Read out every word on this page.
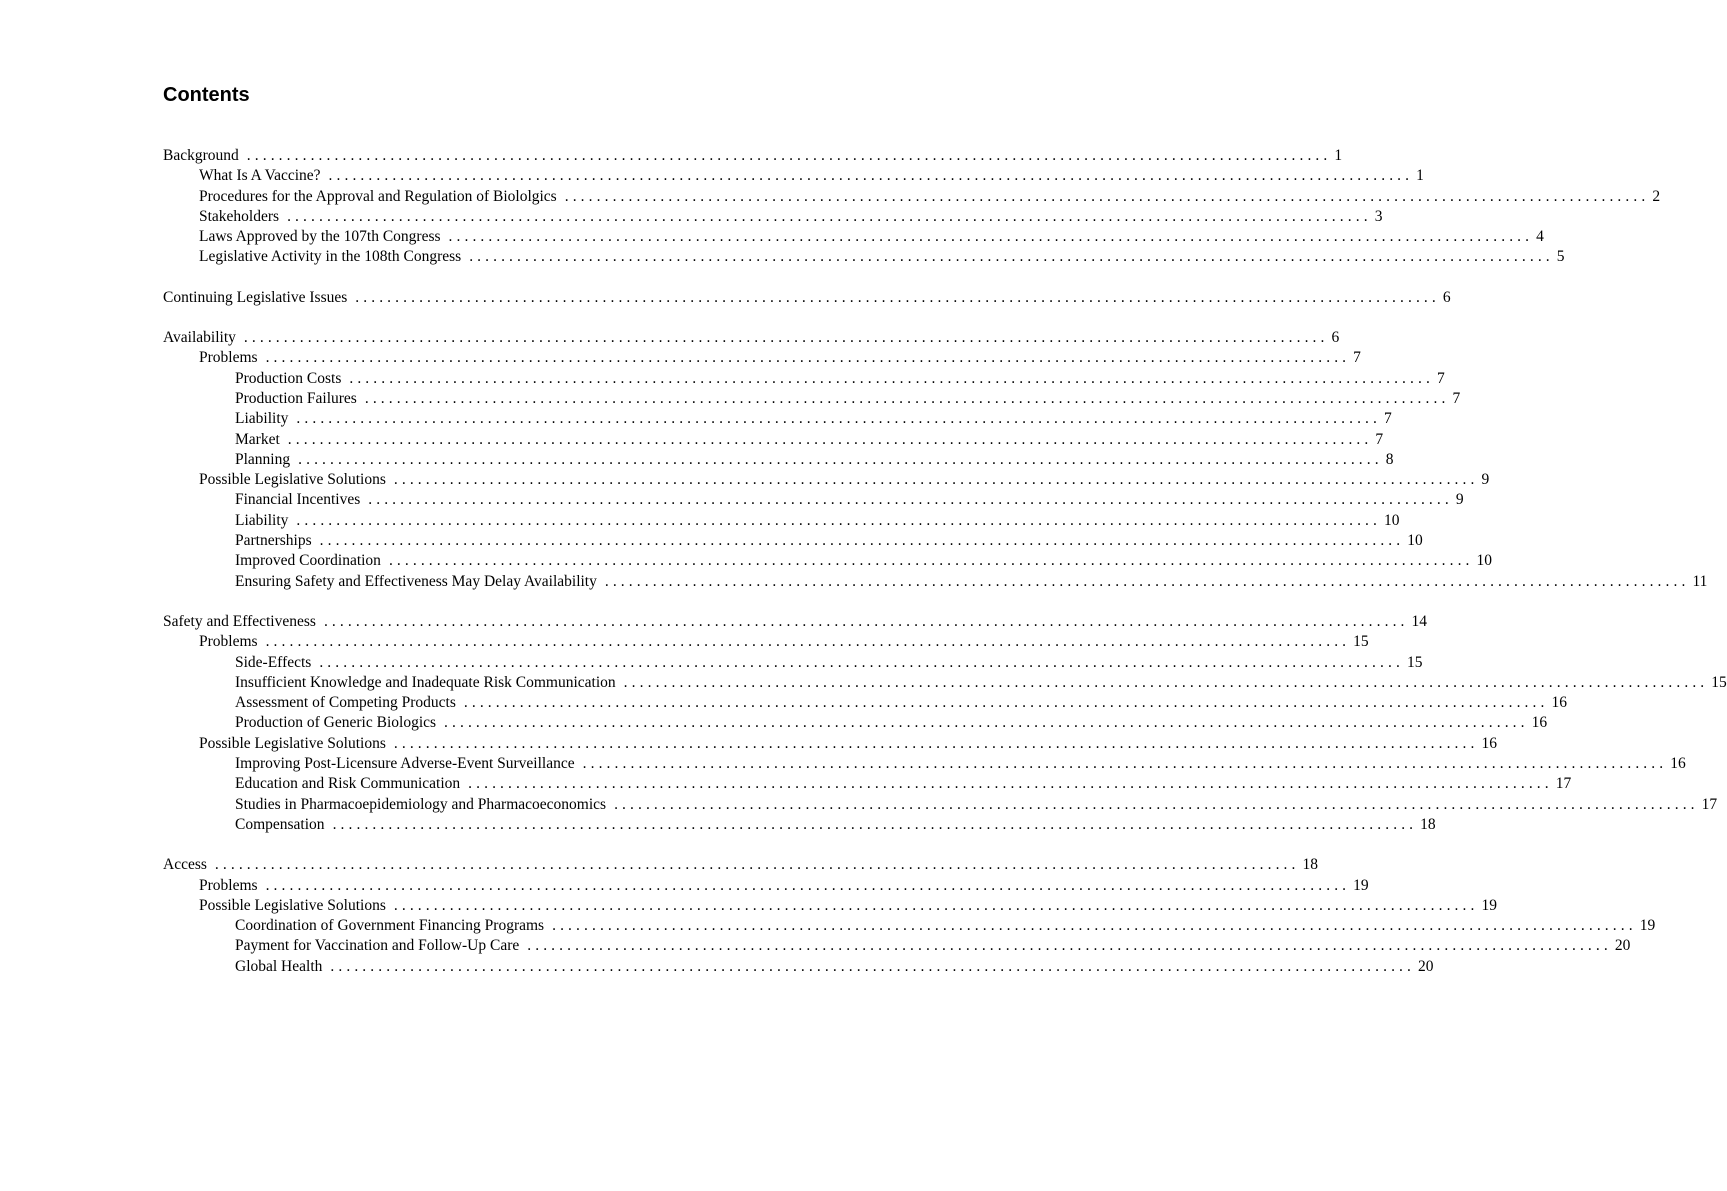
Contents
Background ........................................................................................................................................ 1
What Is A Vaccine? ........................................................................................................................................ 1
Procedures for the Approval and Regulation of Biololgics ........................................................................................................................................ 2
Stakeholders ........................................................................................................................................ 3
Laws Approved by the 107th Congress ........................................................................................................................................ 4
Legislative Activity in the 108th Congress ........................................................................................................................................ 5
Continuing Legislative Issues ........................................................................................................................................ 6
Availability ........................................................................................................................................ 6
Problems ........................................................................................................................................ 7
Production Costs ........................................................................................................................................ 7
Production Failures ........................................................................................................................................ 7
Liability ........................................................................................................................................ 7
Market ........................................................................................................................................ 7
Planning ........................................................................................................................................ 8
Possible Legislative Solutions ........................................................................................................................................ 9
Financial Incentives ........................................................................................................................................ 9
Liability ........................................................................................................................................ 10
Partnerships ........................................................................................................................................ 10
Improved Coordination ........................................................................................................................................ 10
Ensuring Safety and Effectiveness May Delay Availability ........................................................................................................................................ 11
Safety and Effectiveness ........................................................................................................................................ 14
Problems ........................................................................................................................................ 15
Side-Effects ........................................................................................................................................ 15
Insufficient Knowledge and Inadequate Risk Communication ........................................................................................................................................ 15
Assessment of Competing Products ........................................................................................................................................ 16
Production of Generic Biologics ........................................................................................................................................ 16
Possible Legislative Solutions ........................................................................................................................................ 16
Improving Post-Licensure Adverse-Event Surveillance ........................................................................................................................................ 16
Education and Risk Communication ........................................................................................................................................ 17
Studies in Pharmacoepidemiology and Pharmacoeconomics ........................................................................................................................................ 17
Compensation ........................................................................................................................................ 18
Access ........................................................................................................................................ 18
Problems ........................................................................................................................................ 19
Possible Legislative Solutions ........................................................................................................................................ 19
Coordination of Government Financing Programs ........................................................................................................................................ 19
Payment for Vaccination and Follow-Up Care ........................................................................................................................................ 20
Global Health ........................................................................................................................................ 20
